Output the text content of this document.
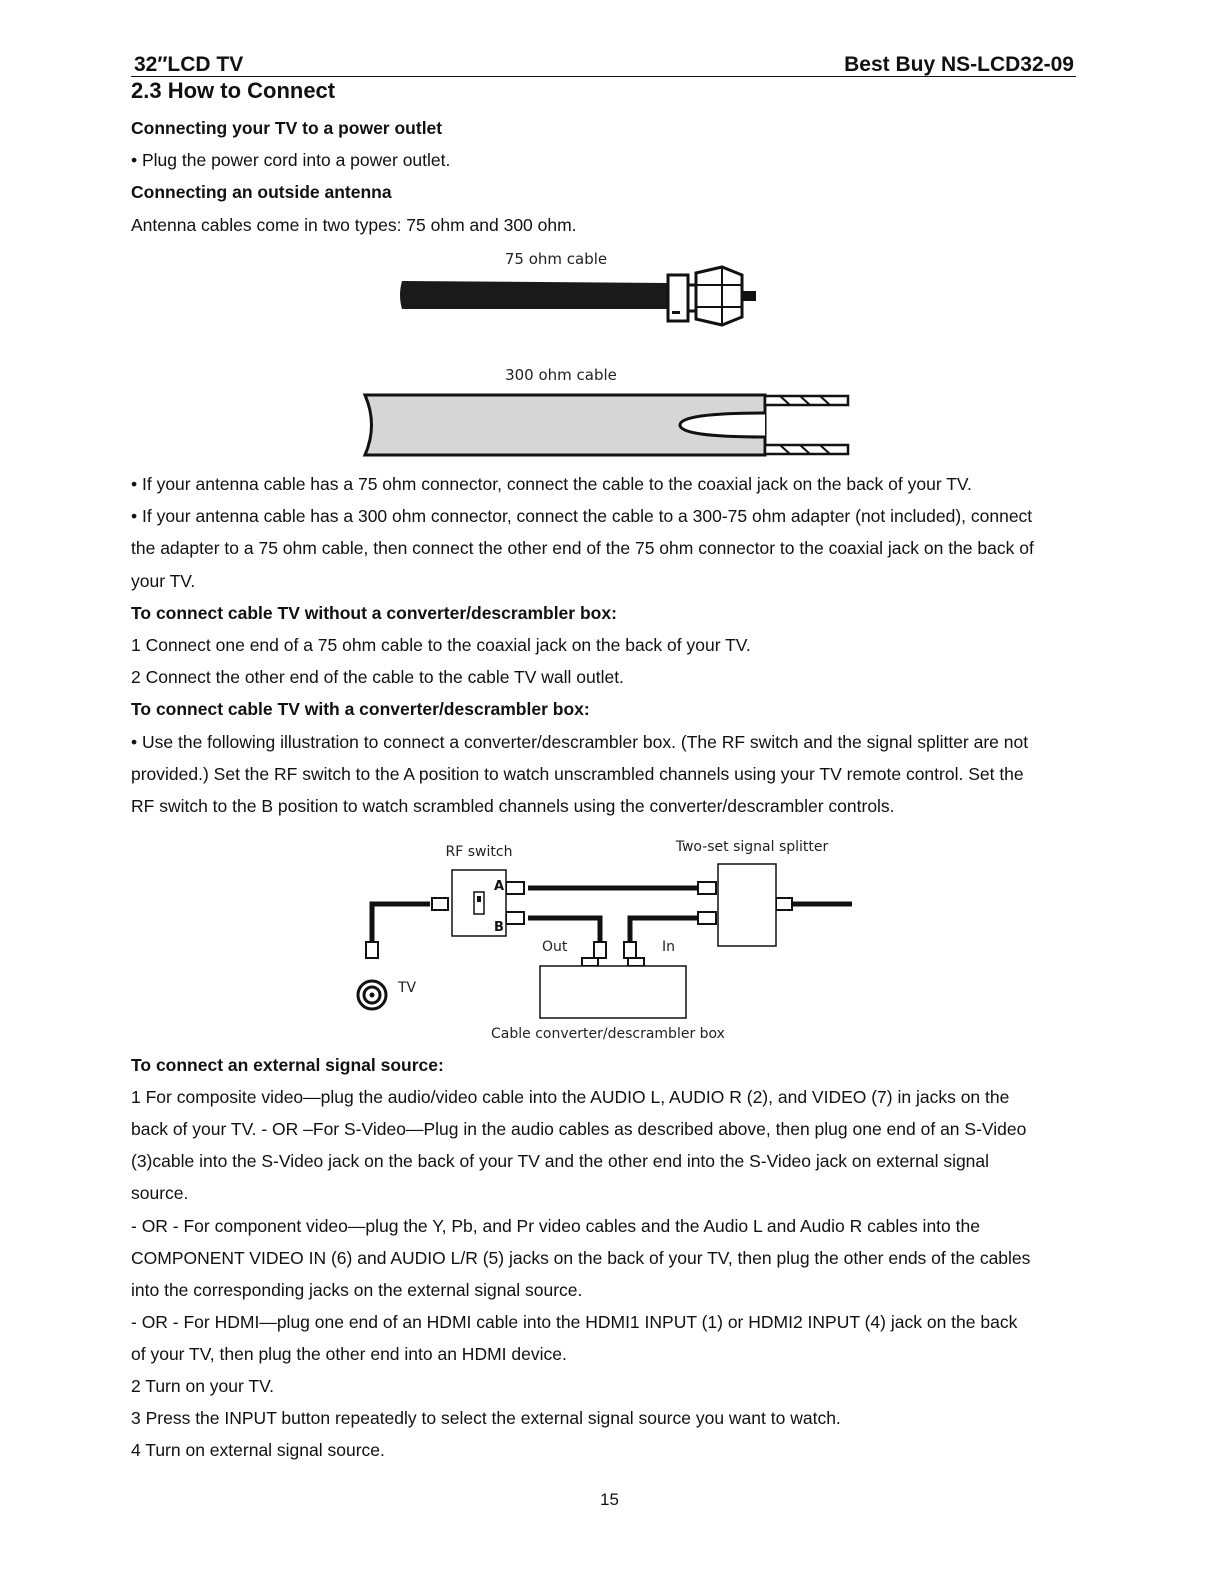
32″LCD TV	Best Buy NS-LCD32-09
2.3 How to Connect
Connecting your TV to a power outlet
• Plug the power cord into a power outlet.
Connecting an outside antenna
Antenna cables come in two types: 75 ohm and 300 ohm.
75 ohm cable
300 ohm cable
• If your antenna cable has a 75 ohm connector, connect the cable to the coaxial jack on the back of your TV.
• If your antenna cable has a 300 ohm connector, connect the cable to a 300-75 ohm adapter (not included), connect
the adapter to a 75 ohm cable, then connect the other end of the 75 ohm connector to the coaxial jack on the back of
your TV.
To connect cable TV without a converter/descrambler box:
1 Connect one end of a 75 ohm cable to the coaxial jack on the back of your TV.
2 Connect the other end of the cable to the cable TV wall outlet.
To connect cable TV with a converter/descrambler box:
• Use the following illustration to connect a converter/descrambler box. (The RF switch and the signal splitter are not
provided.) Set the RF switch to the A position to watch unscrambled channels using your TV remote control. Set the
RF switch to the B position to watch scrambled channels using the converter/descrambler controls.
RF switch	Two-set signal splitter
A
B
Out	In
TV
Cable converter/descrambler box
To connect an external signal source:
1 For composite video—plug the audio/video cable into the AUDIO L, AUDIO R (2), and VIDEO (7) in jacks on the
back of your TV. - OR –For S-Video—Plug in the audio cables as described above, then plug one end of an S-Video
(3)cable into the S-Video jack on the back of your TV and the other end into the S-Video jack on external signal
source.
- OR - For component video—plug the Y, Pb, and Pr video cables and the Audio L and Audio R cables into the
COMPONENT VIDEO IN (6) and AUDIO L/R (5) jacks on the back of your TV, then plug the other ends of the cables
into the corresponding jacks on the external signal source.
- OR - For HDMI—plug one end of an HDMI cable into the HDMI1 INPUT (1) or HDMI2 INPUT (4) jack on the back
of your TV, then plug the other end into an HDMI device.
2 Turn on your TV.
3 Press the INPUT button repeatedly to select the external signal source you want to watch.
4 Turn on external signal source.
15
